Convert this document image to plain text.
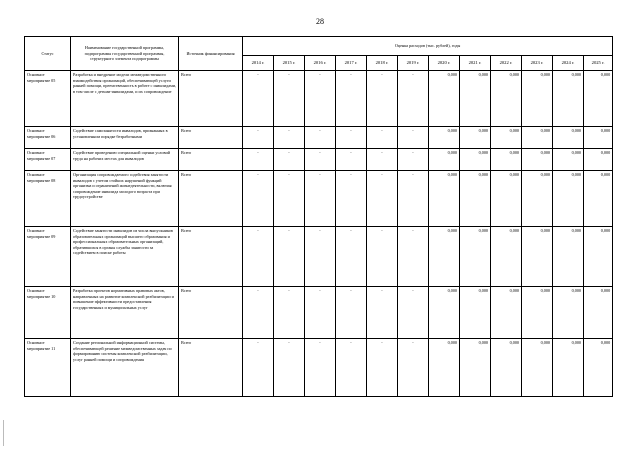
28
Статус	Наименование государственной программы, подпрограммы государственной программы, структурного элемента подпрограммы	Источник финансирования	Оценка расходов (тыс. рублей), годы											
			2014 г.	2015 г.	2016 г.	2017 г.	2018 г.	2019 г.	2020 г.	2021 г.	2022 г.	2023 г.	2024 г.	2025 г.
Основное мероприятие 05	Разработка и внедрение модели межведомственного взаимодействия организаций, обеспечивающей услуги ранней помощи, преемственность в работе с инвалидами, в том числе с детьми-инвалидами, и их сопровождение	Всего	-	-	-	-	-	-	0,000	0,000	0,000	0,000	0,000	0,000
Основное мероприятие 06	Содействие самозанятости инвалидов, признанных в установленном порядке безработными	Всего	-	-	-	-	-	-	0,000	0,000	0,000	0,000	0,000	0,000
Основное мероприятие 07	Содействие проведению специальной оценки условий труда на рабочих местах для инвалидов	Всего	-	-	-	-	-	-	0,000	0,000	0,000	0,000	0,000	0,000
Основное мероприятие 08	Организация сопровождаемого содействия занятости инвалидов с учетом стойких нарушений функций организма и ограничений жизнедеятельности, включая сопровождение инвалида молодого возраста при трудоустройстве	Всего	-	-	-	-	-	-	0,000	0,000	0,000	0,000	0,000	0,000
Основное мероприятие 09	Содействие занятости инвалидов из числа выпускников образовательных организаций высшего образования и профессиональных образовательных организаций, обратившихся в органы службы занятости за содействием в поиске работы	Всего	-	-	-	-	-	-	0,000	0,000	0,000	0,000	0,000	0,000
Основное мероприятие 10	Разработка проектов нормативных правовых актов, направленных на развитие комплексной реабилитации и повышение эффективности предоставления государственных и муниципальных услуг	Всего	-	-	-	-	-	-	0,000	0,000	0,000	0,000	0,000	0,000
Основное мероприятие 11	Создание региональной информационной системы, обеспечивающей решение межведомственных задач по формированию системы комплексной реабилитации, услуг ранней помощи и сопровождения	Всего	-	-	-	-	-	-	0,000	0,000	0,000	0,000	0,000	0,000
